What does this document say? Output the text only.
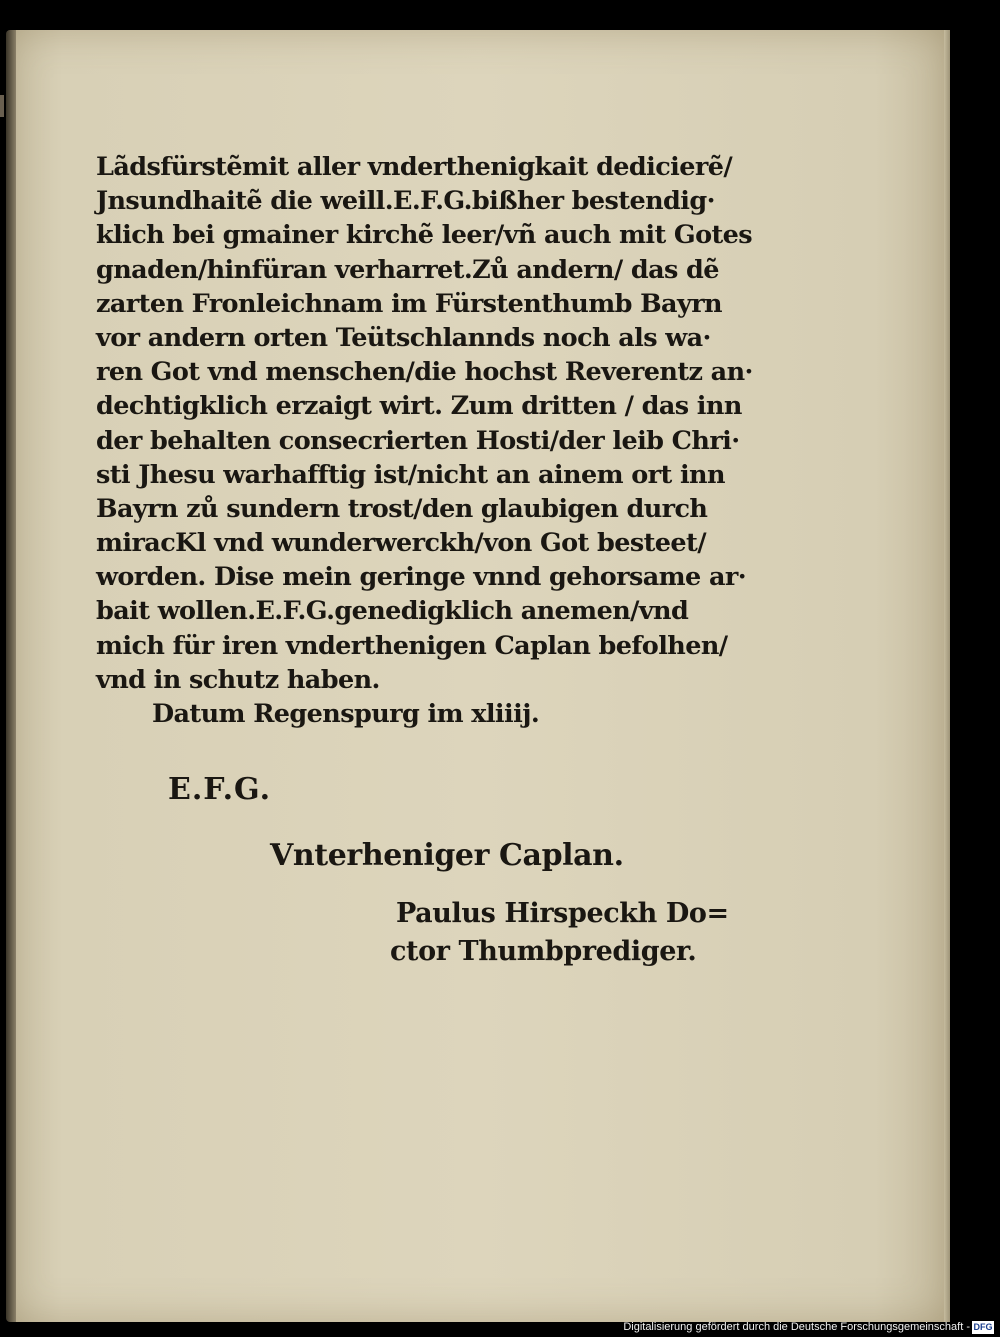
Lãdsfürstẽmit aller vnderthenigkait dedicierẽ/
Jnsundhaitẽ die weill.E.F.G.bißher bestendig·
klich bei gmainer kirchẽ leer/vñ auch mit Gotes
gnaden/hinfüran verharret.Zů andern/ das dẽ
zarten Fronleichnam im Fürstenthumb Bayrn
vor andern orten Teütschlannds noch als wa·
ren Got vnd menschen/die hochst Reverentz an·
dechtigklich erzaigt wirt. Zum dritten / das inn
der behalten consecrierten Hosti/der leib Chri·
sti Jhesu warhafftig ist/nicht an ainem ort inn
Bayrn zů sundern trost/den glaubigen durch
miracKl vnd wunderwerckh/von Got besteet/
worden. Dise mein geringe vnnd gehorsame ar·
bait wollen.E.F.G.genedigklich anemen/vnd
mich für iren vnderthenigen Caplan befolhen/
vnd in schutz haben.
Datum Regenspurg im xliiij.
E.F.G.
Vnterheniger Caplan.
Paulus Hirspeckh Do=
ctor Thumbprediger.
Digitalisierung gefördert durch die Deutsche Forschungsgemeinschaft - DFG
